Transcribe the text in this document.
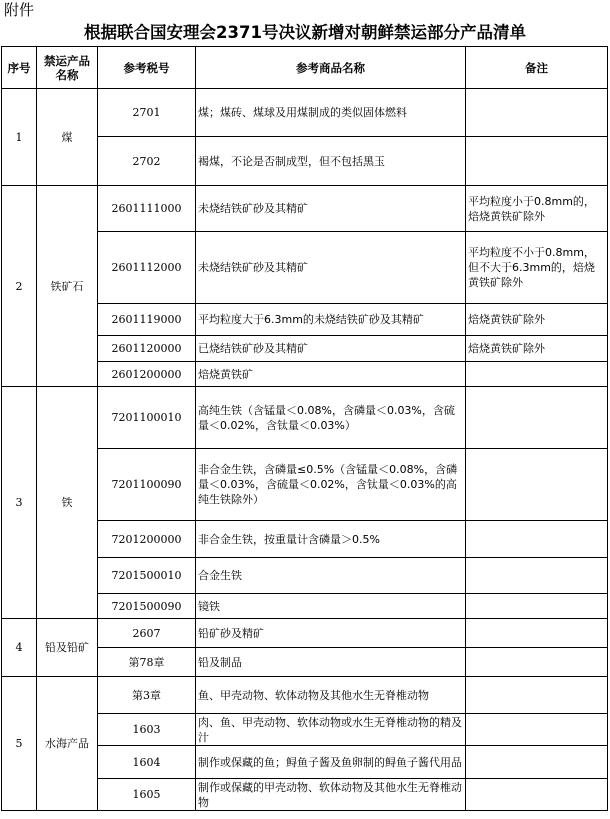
附件
根据联合国安理会2371号决议新增对朝鲜禁运部分产品清单
序号	禁运产品名称	参考税号	参考商品名称	备注
1	煤	2701	煤；煤砖、煤球及用煤制成的类似固体燃料	
		2702	褐煤，不论是否制成型，但不包括黑玉	
2	铁矿石	2601111000	未烧结铁矿砂及其精矿	平均粒度小于0.8mm的，焙烧黄铁矿除外
		2601112000	未烧结铁矿砂及其精矿	平均粒度不小于0.8mm，但不大于6.3mm的，焙烧黄铁矿除外
		2601119000	平均粒度大于6.3mm的未烧结铁矿砂及其精矿	焙烧黄铁矿除外
		2601120000	已烧结铁矿砂及其精矿	焙烧黄铁矿除外
		2601200000	焙烧黄铁矿	
3	铁	7201100010	高纯生铁（含锰量＜0.08%，含磷量＜0.03%，含硫量＜0.02%，含钛量＜0.03%）	
		7201100090	非合金生铁，含磷量≤0.5%（含锰量＜0.08%，含磷量＜0.03%，含硫量＜0.02%，含钛量＜0.03%的高纯生铁除外）	
		7201200000	非合金生铁，按重量计含磷量＞0.5%	
		7201500010	合金生铁	
		7201500090	镜铁	
4	铅及铅矿	2607	铅矿砂及精矿	
		第78章	铅及制品	
5	水海产品	第3章	鱼、甲壳动物、软体动物及其他水生无脊椎动物	
		1603	肉、鱼、甲壳动物、软体动物或水生无脊椎动物的精及汁	
		1604	制作或保藏的鱼；鲟鱼子酱及鱼卵制的鲟鱼子酱代用品	
		1605	制作或保藏的甲壳动物、软体动物及其他水生无脊椎动物	
